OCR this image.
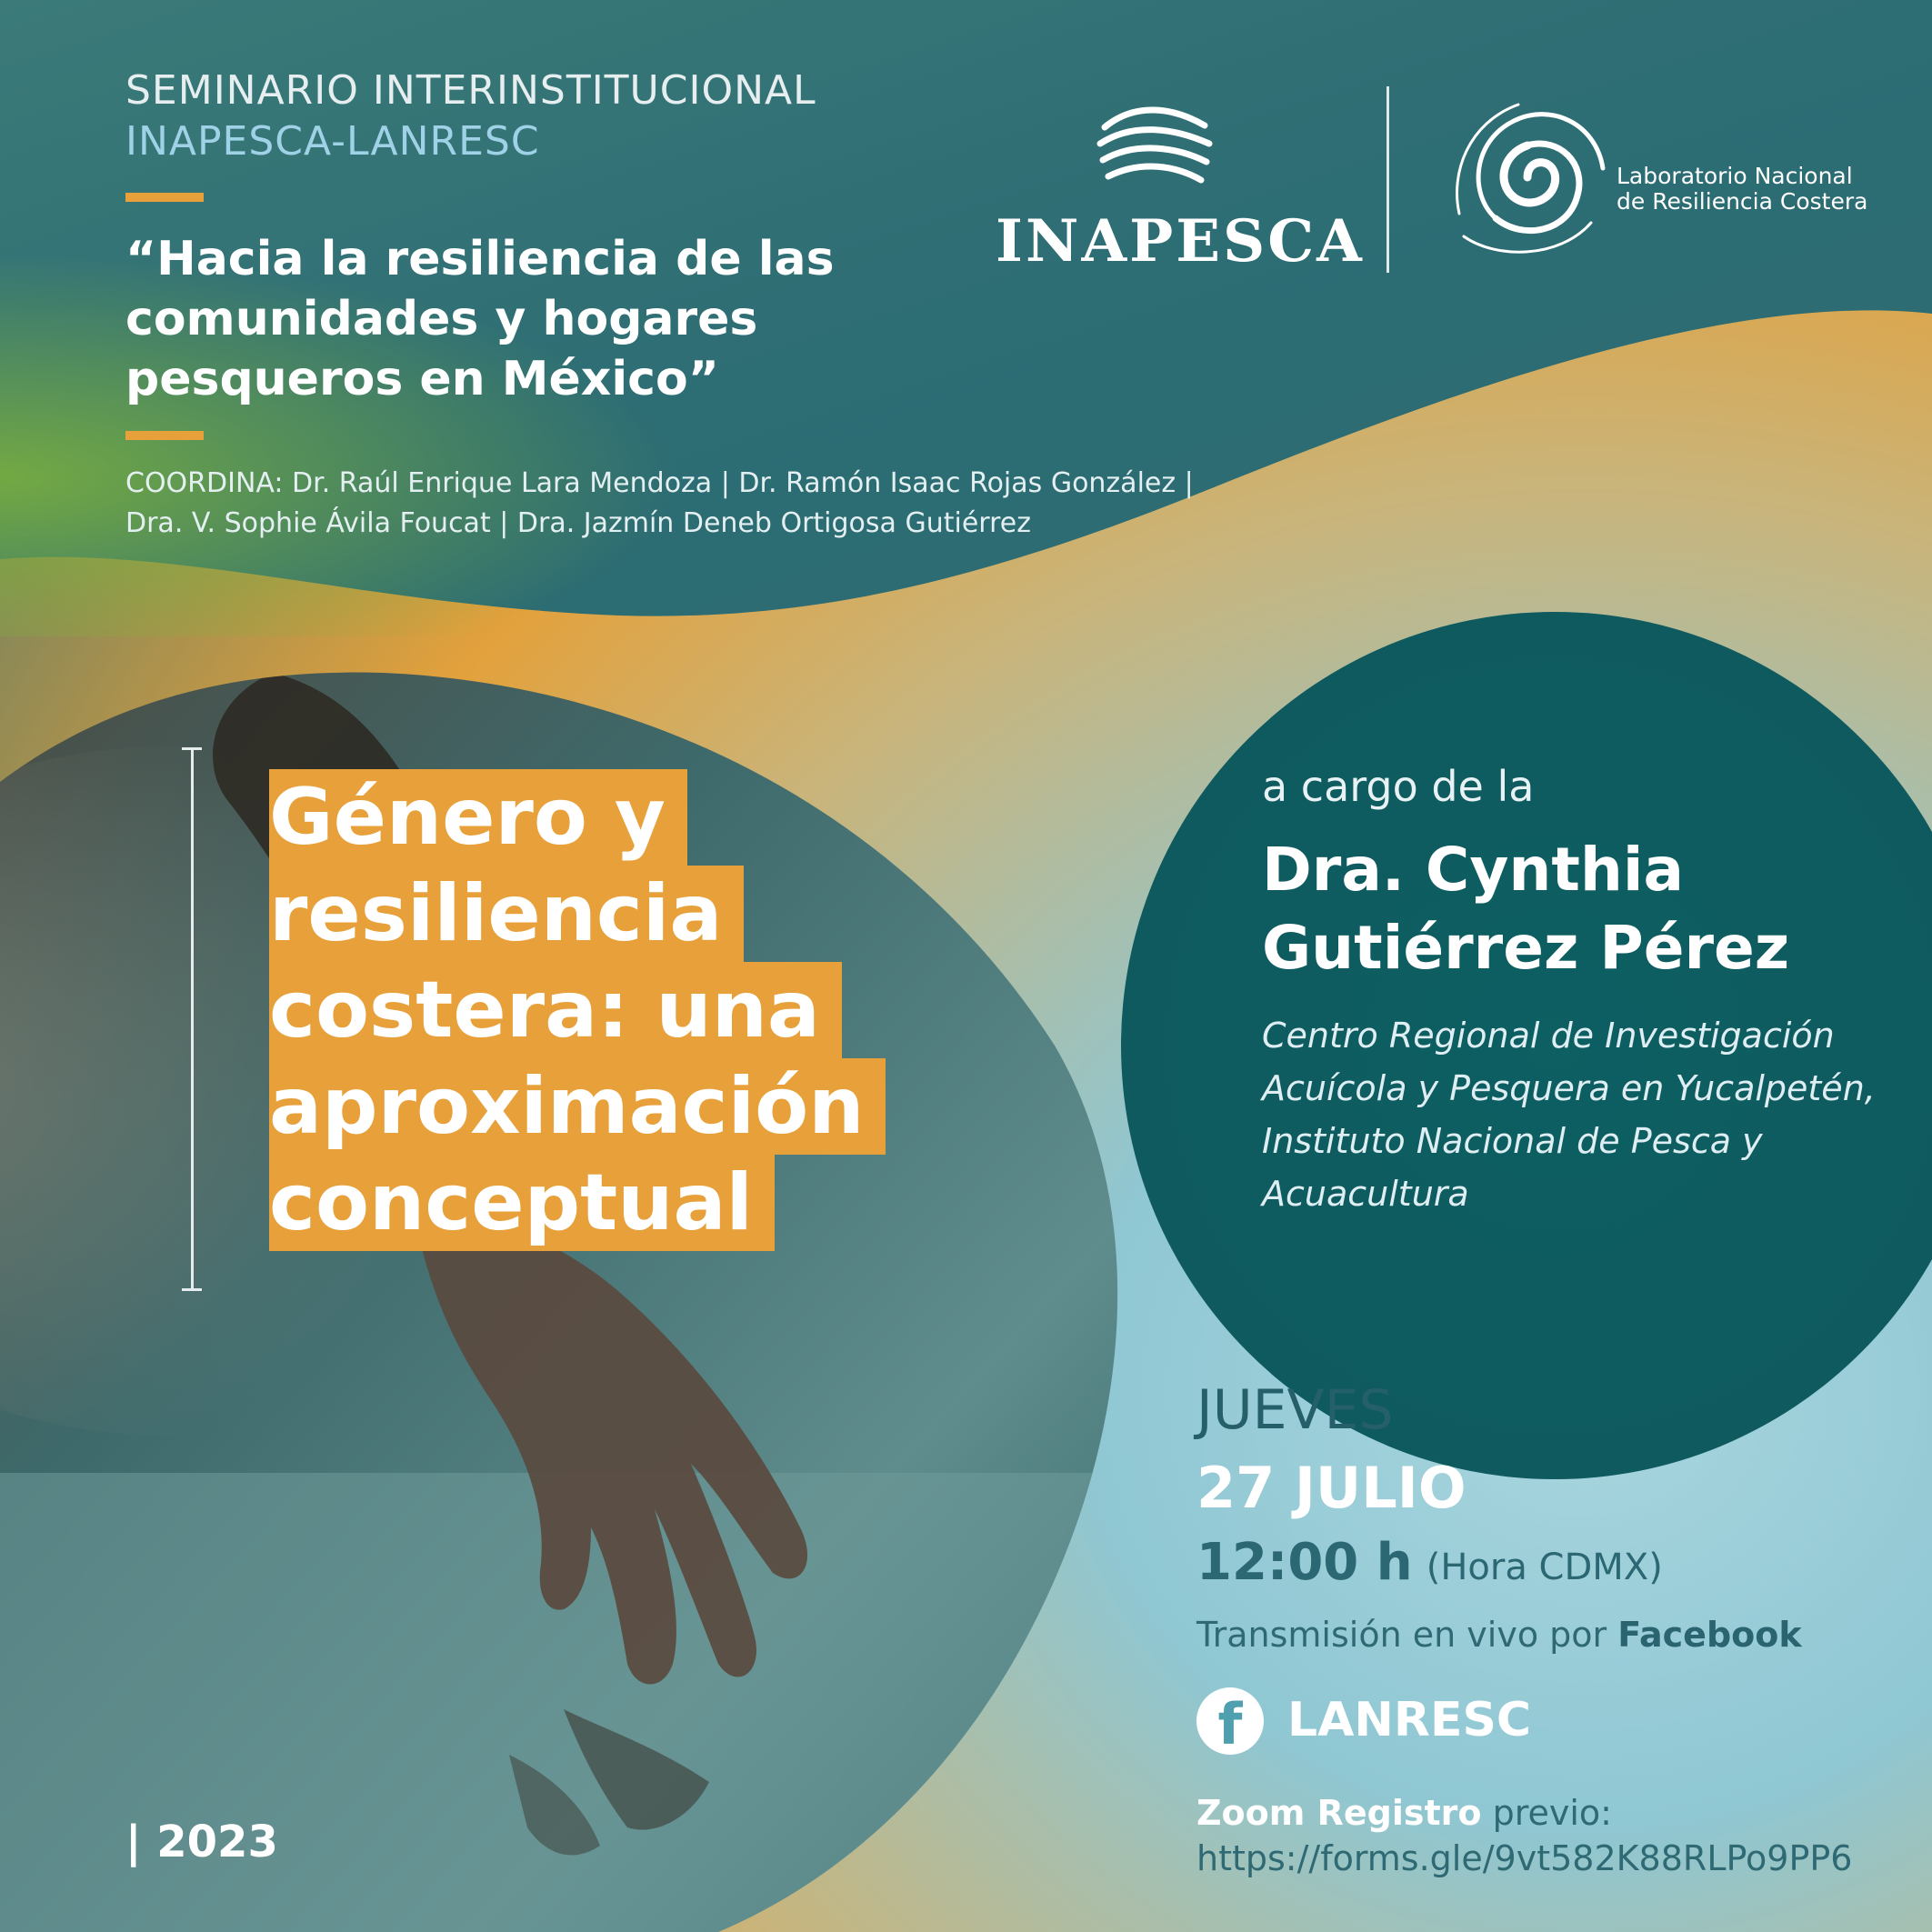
SEMINARIO INTERINSTITUCIONAL
INAPESCA-LANRESC
“Hacia la resiliencia de las
comunidades y hogares
pesqueros en México”
COORDINA: Dr. Raúl Enrique Lara Mendoza | Dr. Ramón Isaac Rojas González |
Dra. V. Sophie Ávila Foucat | Dra. Jazmín Deneb Ortigosa Gutiérrez
INAPESCA
Laboratorio Nacional
de Resiliencia Costera
Género y
resiliencia
costera: una
aproximación
conceptual
a cargo de la
Dra. Cynthia
Gutiérrez Pérez
Centro Regional de Investigación
Acuícola y Pesquera en Yucalpetén,
Instituto Nacional de Pesca y
Acuacultura
JUEVES
27 JULIO
12:00 h (Hora CDMX)
Transmisión en vivo por Facebook
f LANRESC
Zoom Registro previo:
https://forms.gle/9vt582K88RLPo9PP6
| 2023
